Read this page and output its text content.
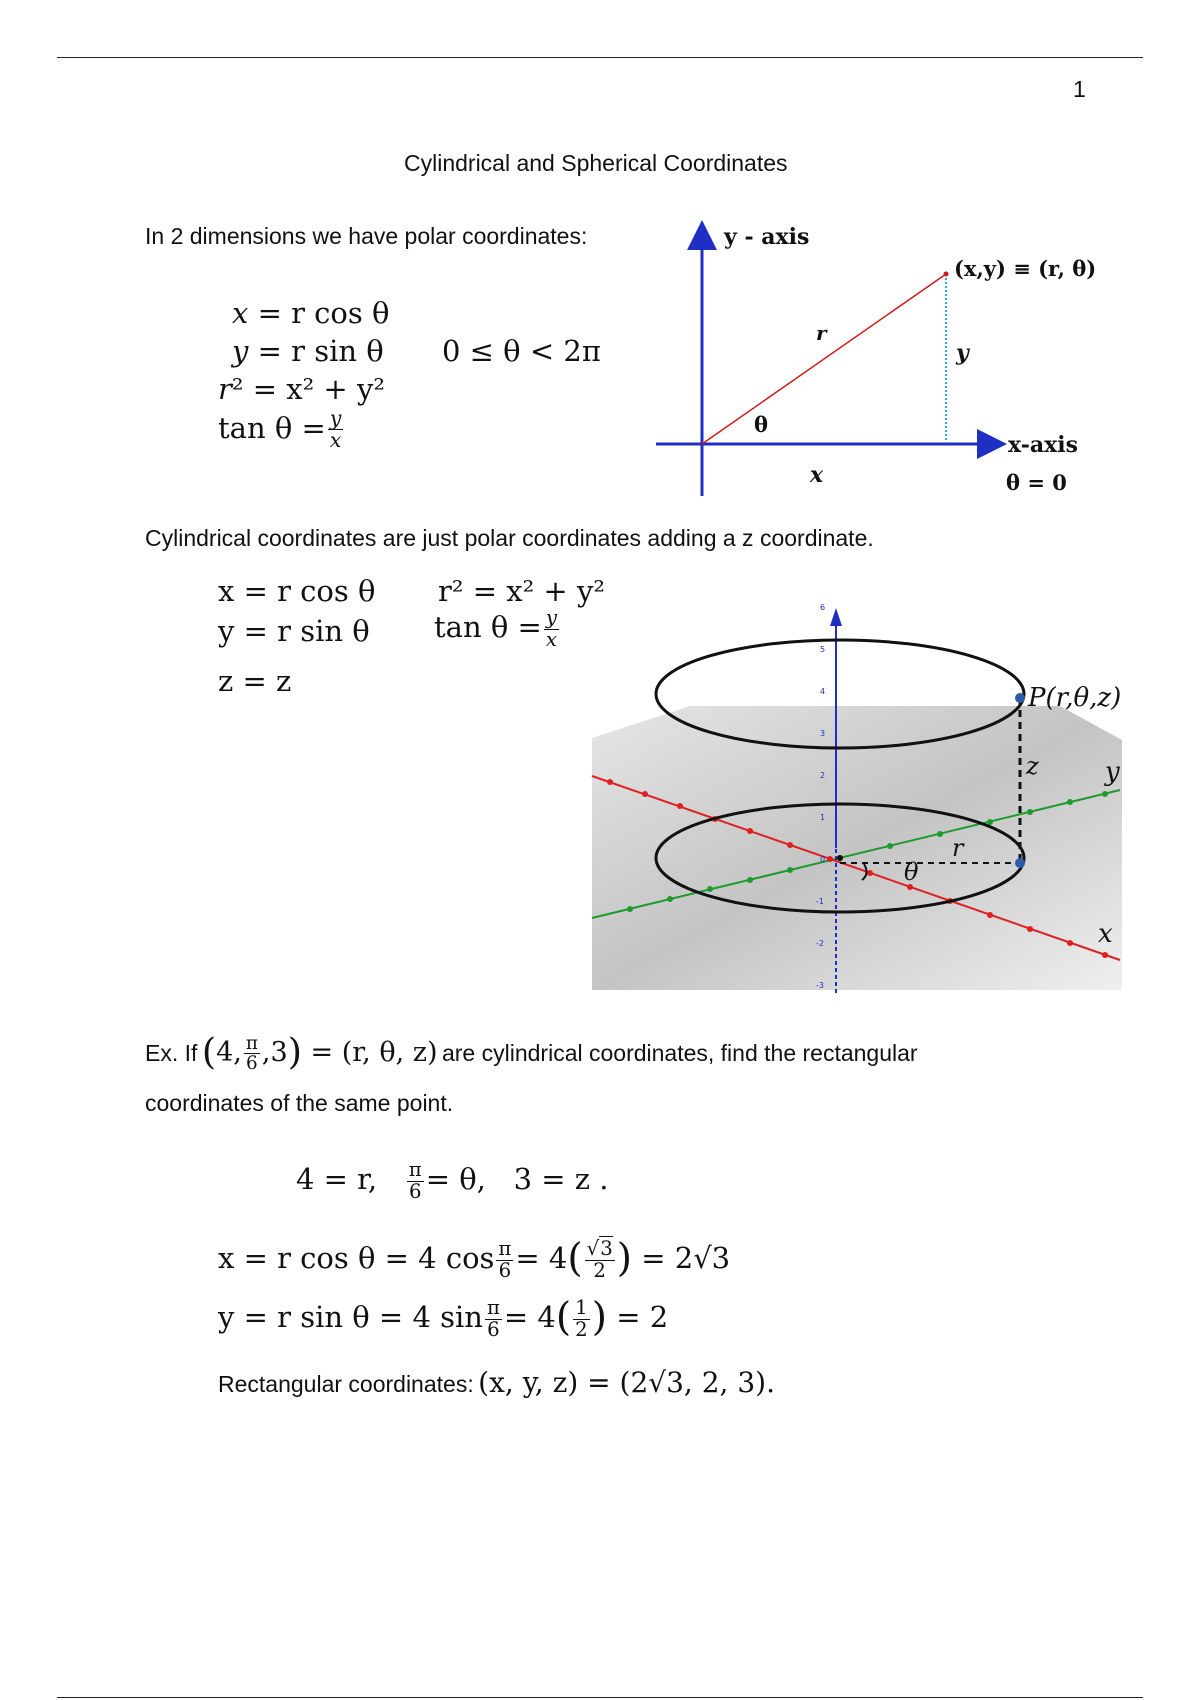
1
Cylindrical and Spherical Coordinates
In 2 dimensions we have polar coordinates:
x = r cos θ
y = r sin θ 0 ≤ θ < 2π
r² = x² + y²
$\tan \theta = \frac{y}{x}$
y - axis
(x,y) ≡ (r, θ)
r
y
θ
x-axis
x	θ = 0
Cylindrical coordinates are just polar coordinates adding a z coordinate.
x = r cos θ r² = x² + y²
y = r sin θ $\tan \theta = \frac{y}{x}$
z = z
6
5
4
3
2
1
0
-1
-2
-3
P(r,θ,z)
z	y
r
θ
x
Ex. If (4, $\frac{\pi}{6} ,3) = (r$, θ, z) are cylindrical coordinates, find the rectangular
coordinates of the same point.
4 = r, $\frac{\pi}{6} = \theta$, 3 = z .
x = r cos θ = 4 $\cos \frac{\pi}{6} = 4( \frac{√3}{2}$ ) = 2√3
y = r sin θ = 4 $\sin \frac{\pi}{6} = 4( \frac{1}{2}$ ) = 2
Rectangular coordinates: (x, y, z) = (2√3, 2, 3).
